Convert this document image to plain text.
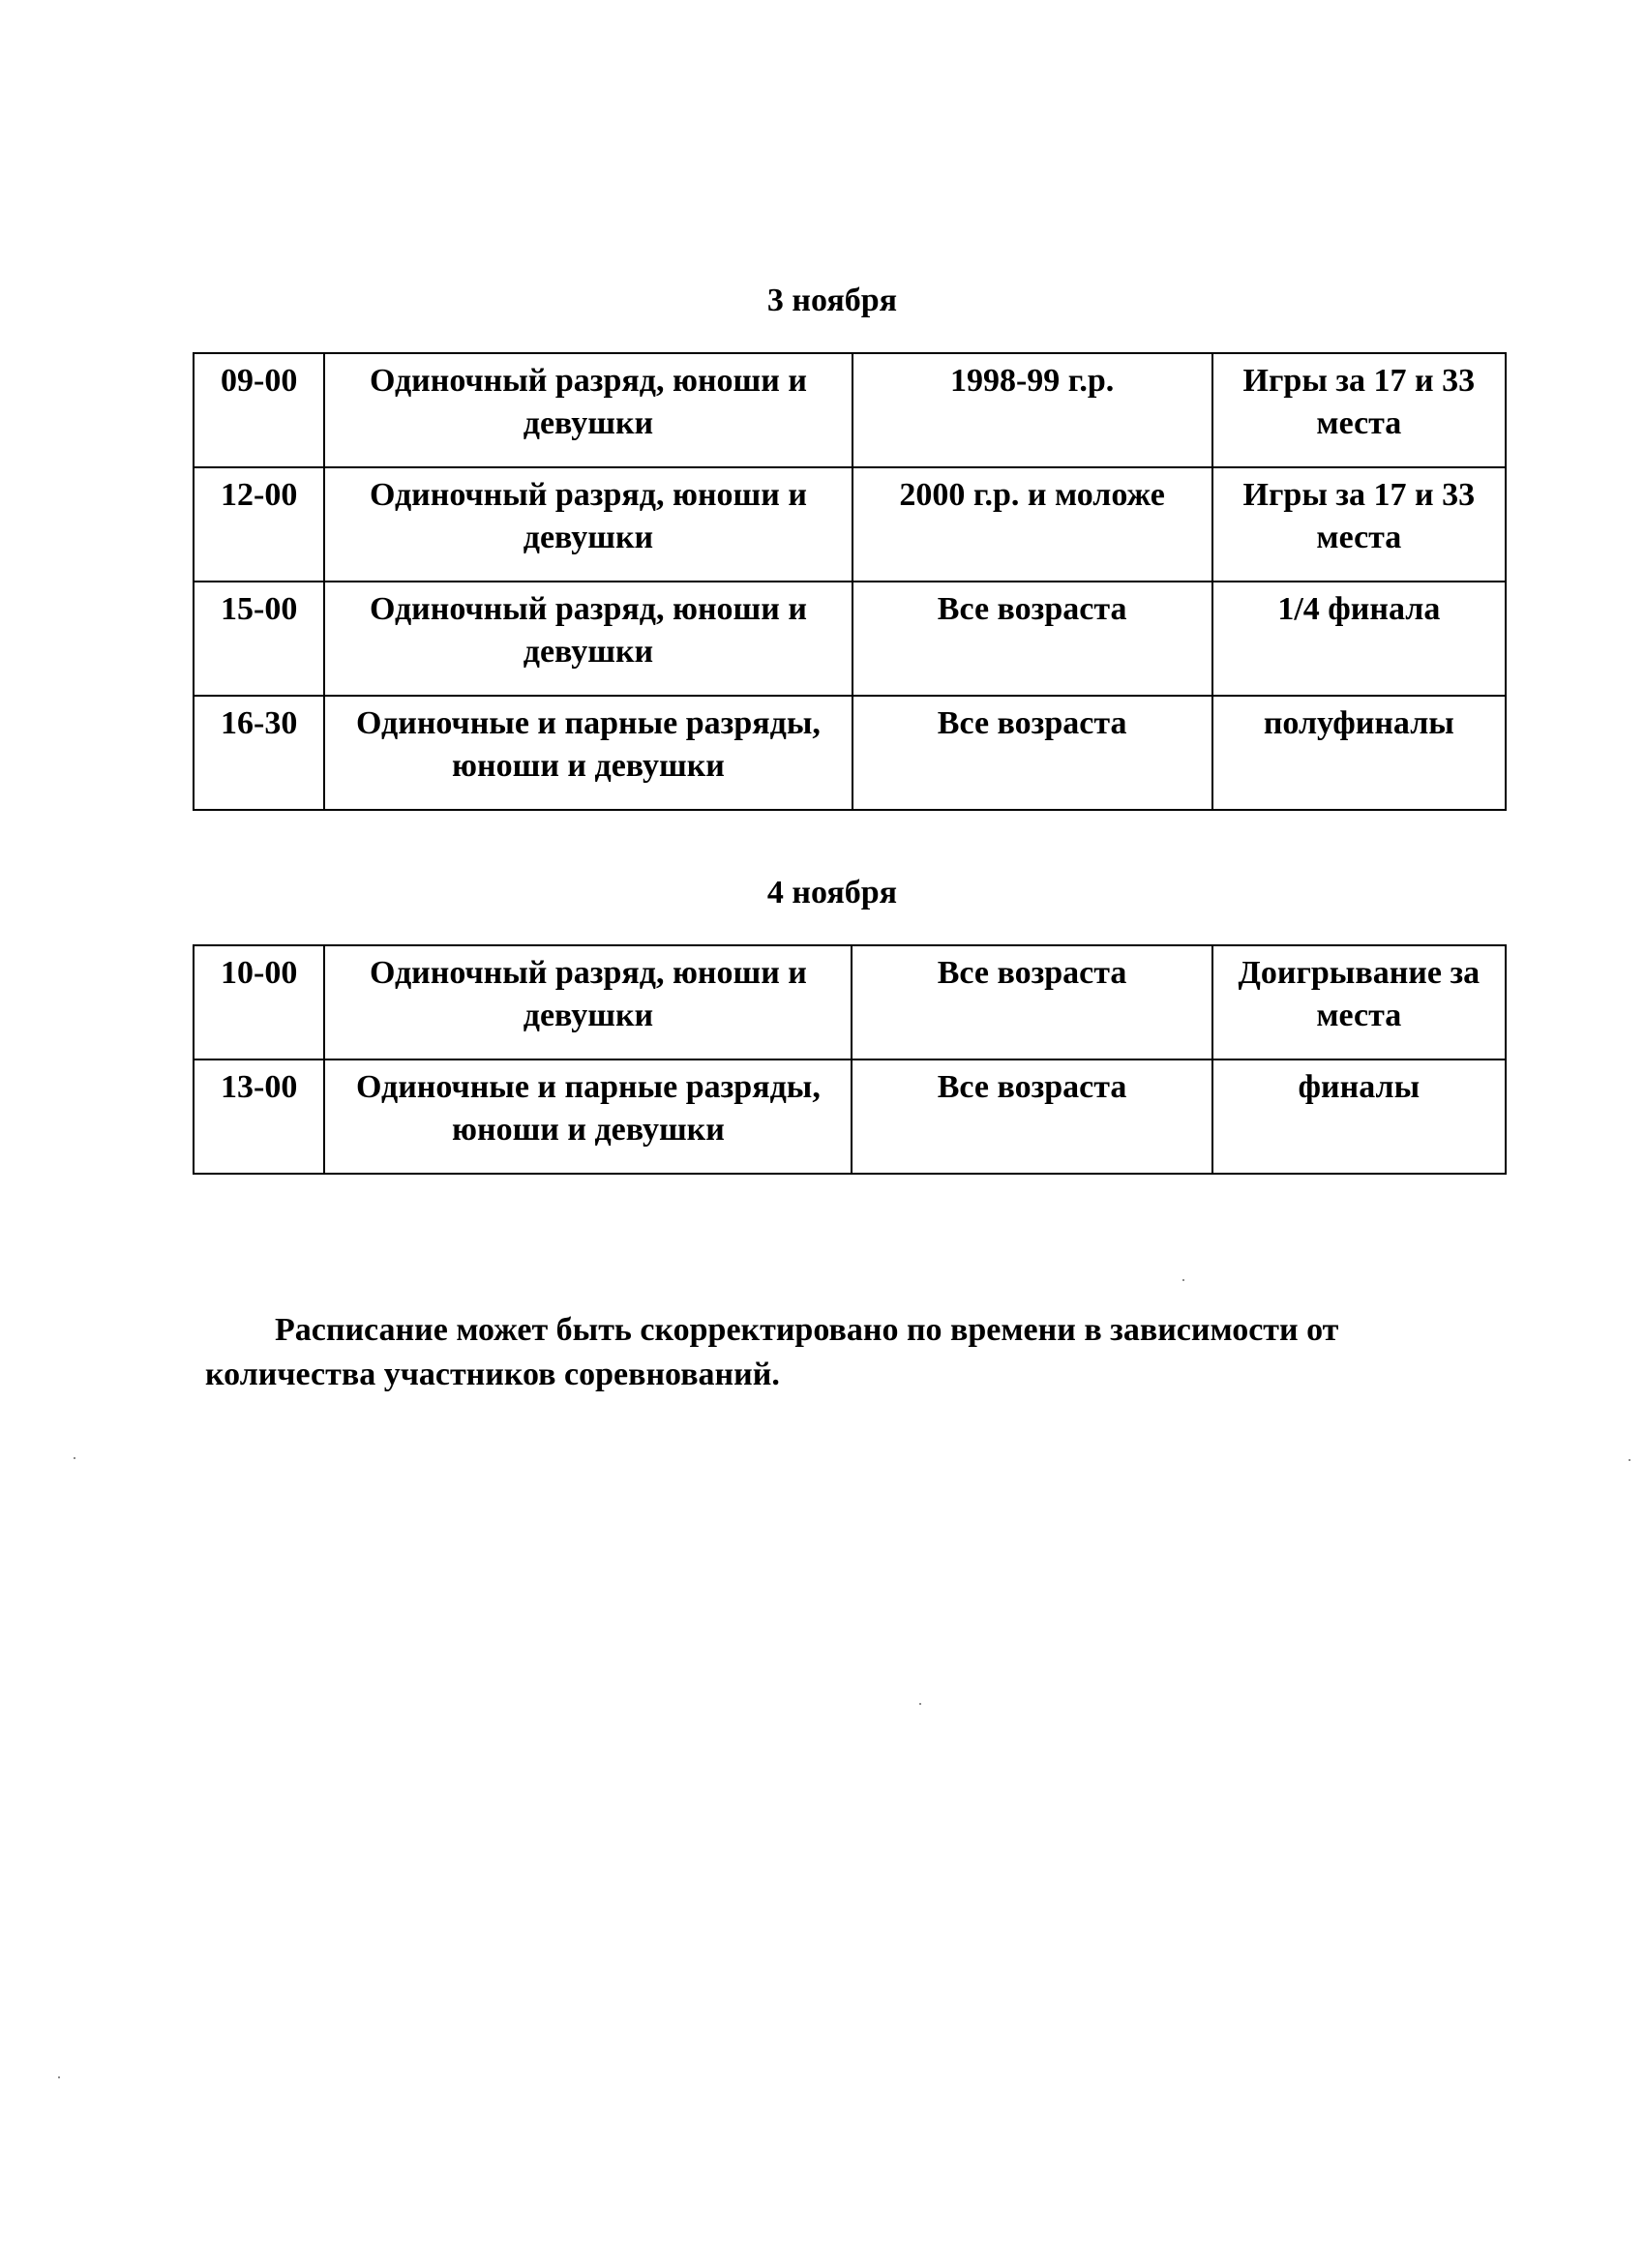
3 ноября
09-00	Одиночный разряд, юноши и девушки	1998-99 г.р.	Игры за 17 и 33 места
12-00	Одиночный разряд, юноши и девушки	2000 г.р. и моложе	Игры за 17 и 33 места
15-00	Одиночный разряд, юноши и девушки	Все возраста	1/4 финала
16-30	Одиночные и парные разряды, юноши и девушки	Все возраста	полуфиналы
4 ноября
10-00	Одиночный разряд, юноши и девушки	Все возраста	Доигрывание за места
13-00	Одиночные и парные разряды, юноши и девушки	Все возраста	финалы
Расписание может быть скорректировано по времени в зависимости от количества участников соревнований.
